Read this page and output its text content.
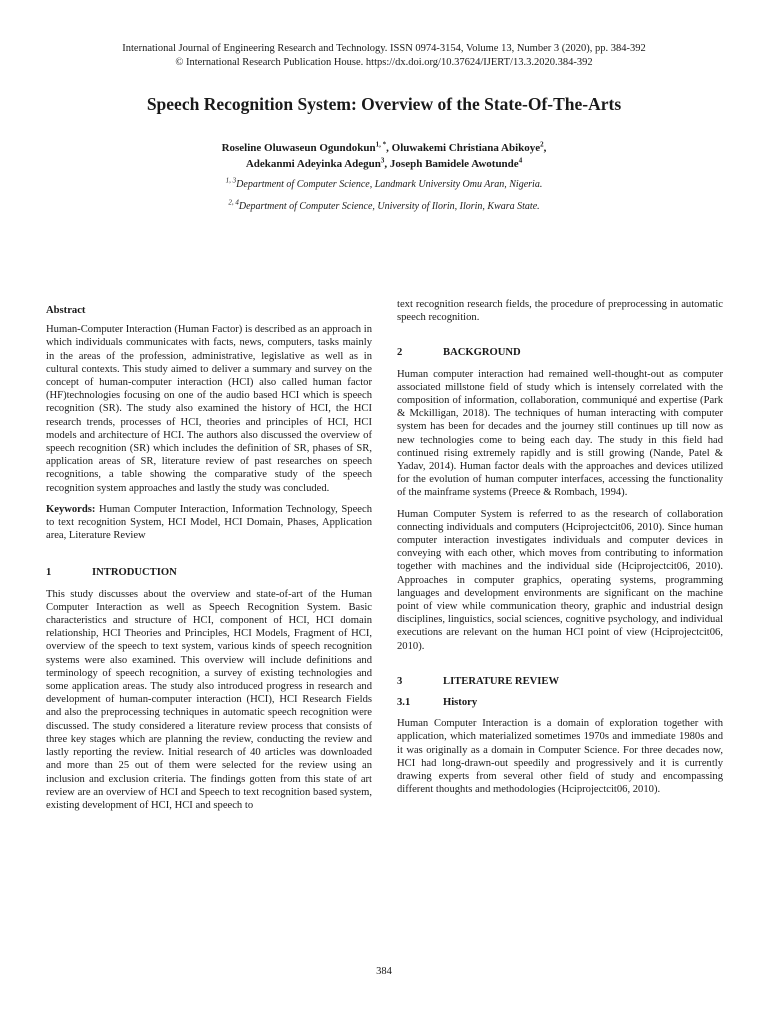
International Journal of Engineering Research and Technology. ISSN 0974-3154, Volume 13, Number 3 (2020), pp. 384-392
© International Research Publication House. https://dx.doi.org/10.37624/IJERT/13.3.2020.384-392
Speech Recognition System: Overview of the State-Of-The-Arts
Roseline Oluwaseun Ogundokun$^{1, *}$, Oluwakemi Christiana Abikoye$^2$,
Adekanmi Adeyinka Adegun$^3$, Joseph Bamidele Awotunde$^4$
$^{1, 3}$Department of Computer Science, Landmark University Omu Aran, Nigeria.
$^{2, 4}$Department of Computer Science, University of Ilorin, Ilorin, Kwara State.
Abstract

Human-Computer Interaction (Human Factor) is described as an approach in which individuals communicates with facts, news, computers, tasks mainly in the areas of the profession, administrative, legislative as well as in cultural contexts. This study aimed to deliver a summary and survey on the concept of human-computer interaction (HCI) also called human factor (HF)technologies focusing on one of the audio based HCI which is speech recognition (SR). The study also examined the history of HCI, the HCI research trends, processes of HCI, theories and principles of HCI, HCI models and architecture of HCI. The authors also discussed the overview of speech recognition (SR) which includes the definition of SR, phases of SR, application areas of SR, literature review of past researches on speech recognitions, a table showing the comparative study of the speech recognition system approaches and lastly the study was concluded.

Keywords: Human Computer Interaction, Information Technology, Speech to text recognition System, HCI Model, HCI Domain, Phases, Application area, Literature Review

1	INTRODUCTION

This study discusses about the overview and state-of-art of the Human Computer Interaction as well as Speech Recognition System. Basic characteristics and structure of HCI, component of HCI, HCI domain relationship, HCI Theories and Principles, HCI Models, Fragment of HCI, overview of the speech to text system, various kinds of speech recognition systems were also examined. This overview will include definitions and terminology of speech recognition, a survey of existing technologies and some application areas. The study also introduced progress in research and development of human-computer interaction (HCI), HCI Research Fields and also the preprocessing techniques in automatic speech recognition were discussed. The study considered a literature review process that consists of three key stages which are planning the review, conducting the review and lastly reporting the review. Initial research of 40 articles was downloaded and more than 25 out of them were selected for the review using an inclusion and exclusion criteria. The findings gotten from this state of art review are an overview of HCI and Speech to text recognition based system, existing development of HCI, HCI and speech to

text recognition research fields, the procedure of preprocessing in automatic speech recognition.

2	BACKGROUND

Human computer interaction had remained well-thought-out as computer associated millstone field of study which is intensely correlated with the composition of information, collaboration, communiqué and expertise (Park & Mckilligan, 2018). The techniques of human interacting with computer system has been for decades and the journey still continues up till now as new technologies come to being each day. The study in this field had continued rising extremely rapidly and is still growing (Nande, Patel & Yadav, 2014). Human factor deals with the approaches and devices utilized for the evolution of human computer interfaces, accessing the functionality of the mainframe systems (Preece & Rombach, 1994).

Human Computer System is referred to as the research of collaboration connecting individuals and computers (Hciprojectcit06, 2010). Since human computer interaction investigates individuals and computer devices in conveying with each other, which moves from contributing to information together with machines and the individual side (Hciprojectcit06, 2010). Approaches in computer graphics, operating systems, programming languages and development environments are significant on the machine point of view while communication theory, graphic and industrial design disciplines, linguistics, social sciences, cognitive psychology, and individual executions are relevant on the human HCI point of view (Hciprojectcit06, 2010).

3	LITERATURE REVIEW
3.1	History

Human Computer Interaction is a domain of exploration together with application, which materialized sometimes 1970s and immediate 1980s and it was originally as a domain in Computer Science. For three decades now, HCI had long-drawn-out speedily and progressively and it is currently drawing experts from several other field of study and encompassing different thoughts and methodologies (Hciprojectcit06, 2010).

384
